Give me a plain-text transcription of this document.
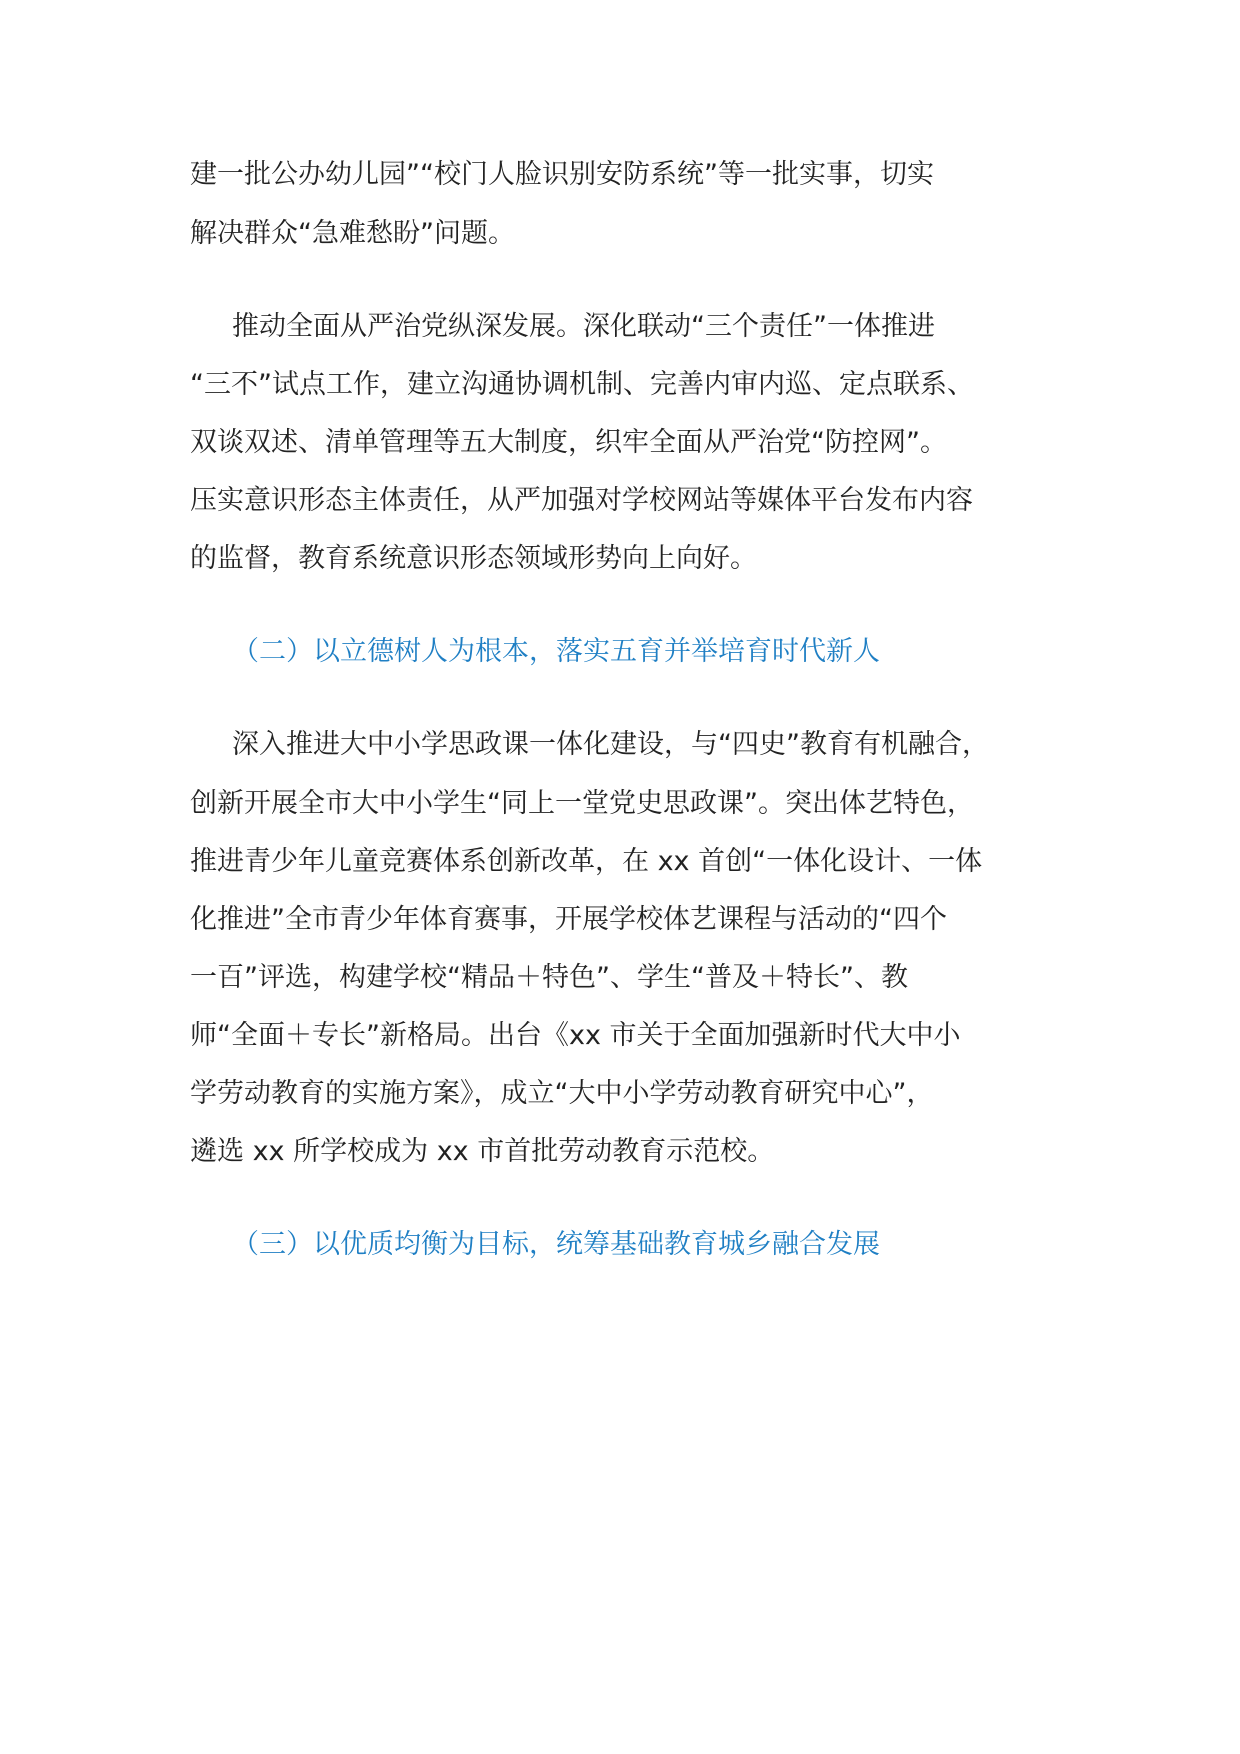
建一批公办幼儿园”“校门人脸识别安防系统”等一批实事，切实

解决群众“急难愁盼”问题。

推动全面从严治党纵深发展。深化联动“三个责任”一体推进

“三不”试点工作，建立沟通协调机制、完善内审内巡、定点联系、

双谈双述、清单管理等五大制度，织牢全面从严治党“防控网”。

压实意识形态主体责任，从严加强对学校网站等媒体平台发布内容

的监督，教育系统意识形态领域形势向上向好。

（二）以立德树人为根本，落实五育并举培育时代新人

深入推进大中小学思政课一体化建设，与“四史”教育有机融合，

创新开展全市大中小学生“同上一堂党史思政课”。突出体艺特色，

推进青少年儿童竞赛体系创新改革，在 xx 首创“一体化设计、一体

化推进”全市青少年体育赛事，开展学校体艺课程与活动的“四个

一百”评选，构建学校“精品＋特色”、学生“普及＋特长”、教

师“全面＋专长”新格局。出台《xx 市关于全面加强新时代大中小

学劳动教育的实施方案》，成立“大中小学劳动教育研究中心”，

遴选 xx 所学校成为 xx 市首批劳动教育示范校。

（三）以优质均衡为目标，统筹基础教育城乡融合发展
